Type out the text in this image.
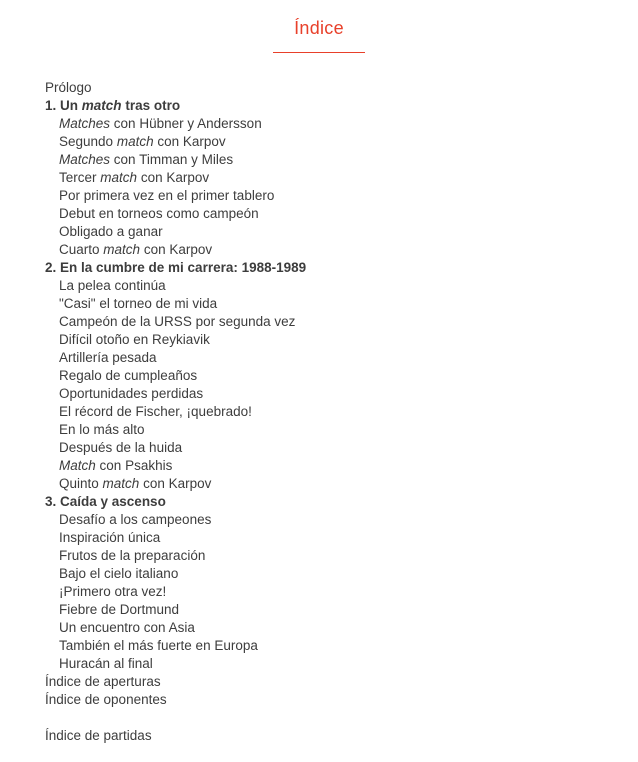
Índice
Prólogo
1. Un match tras otro
Matches con Hübner y Andersson
Segundo match con Karpov
Matches con Timman y Miles
Tercer match con Karpov
Por primera vez en el primer tablero
Debut en torneos como campeón
Obligado a ganar
Cuarto match con Karpov
2. En la cumbre de mi carrera: 1988-1989
La pelea continúa
"Casi" el torneo de mi vida
Campeón de la URSS por segunda vez
Difícil otoño en Reykiavik
Artillería pesada
Regalo de cumpleaños
Oportunidades perdidas
El récord de Fischer, ¡quebrado!
En lo más alto
Después de la huida
Match con Psakhis
Quinto match con Karpov
3. Caída y ascenso
Desafío a los campeones
Inspiración única
Frutos de la preparación
Bajo el cielo italiano
¡Primero otra vez!
Fiebre de Dortmund
Un encuentro con Asia
También el más fuerte en Europa
Huracán al final
Índice de aperturas
Índice de oponentes
Índice de partidas
